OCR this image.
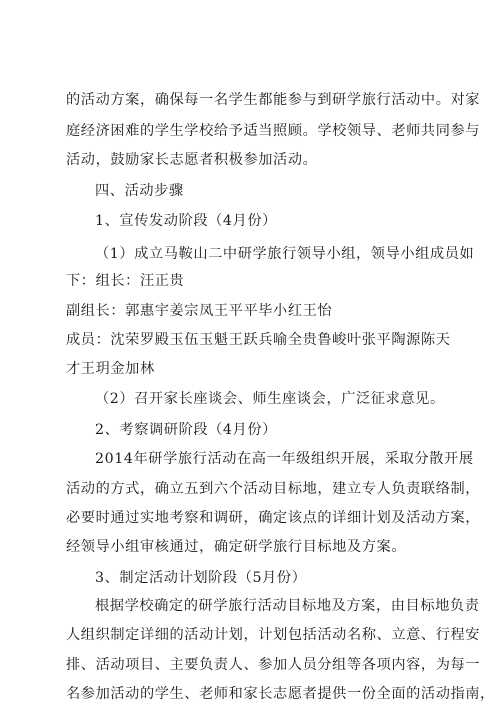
的活动方案，确保每一名学生都能参与到研学旅行活动中。对家
庭经济困难的学生学校给予适当照顾。学校领导、老师共同参与
活动，鼓励家长志愿者积极参加活动。
四、活动步骤
1、宣传发动阶段（4月份）
（1）成立马鞍山二中研学旅行领导小组，领导小组成员如
下：组长：汪正贵
副组长：郭惠宇姜宗凤王平平毕小红王怡
成员：沈荣罗殿玉伍玉魁王跃兵喻全贵鲁峻叶张平陶源陈天
才王玥金加林
（2）召开家长座谈会、师生座谈会，广泛征求意见。
2、考察调研阶段（4月份）
2014年研学旅行活动在高一年级组织开展，采取分散开展
活动的方式，确立五到六个活动目标地，建立专人负责联络制，
必要时通过实地考察和调研，确定该点的详细计划及活动方案，
经领导小组审核通过，确定研学旅行目标地及方案。
3、制定活动计划阶段（5月份）
根据学校确定的研学旅行活动目标地及方案，由目标地负责
人组织制定详细的活动计划，计划包括活动名称、立意、行程安
排、活动项目、主要负责人、参加人员分组等各项内容，为每一
名参加活动的学生、老师和家长志愿者提供一份全面的活动指南，
